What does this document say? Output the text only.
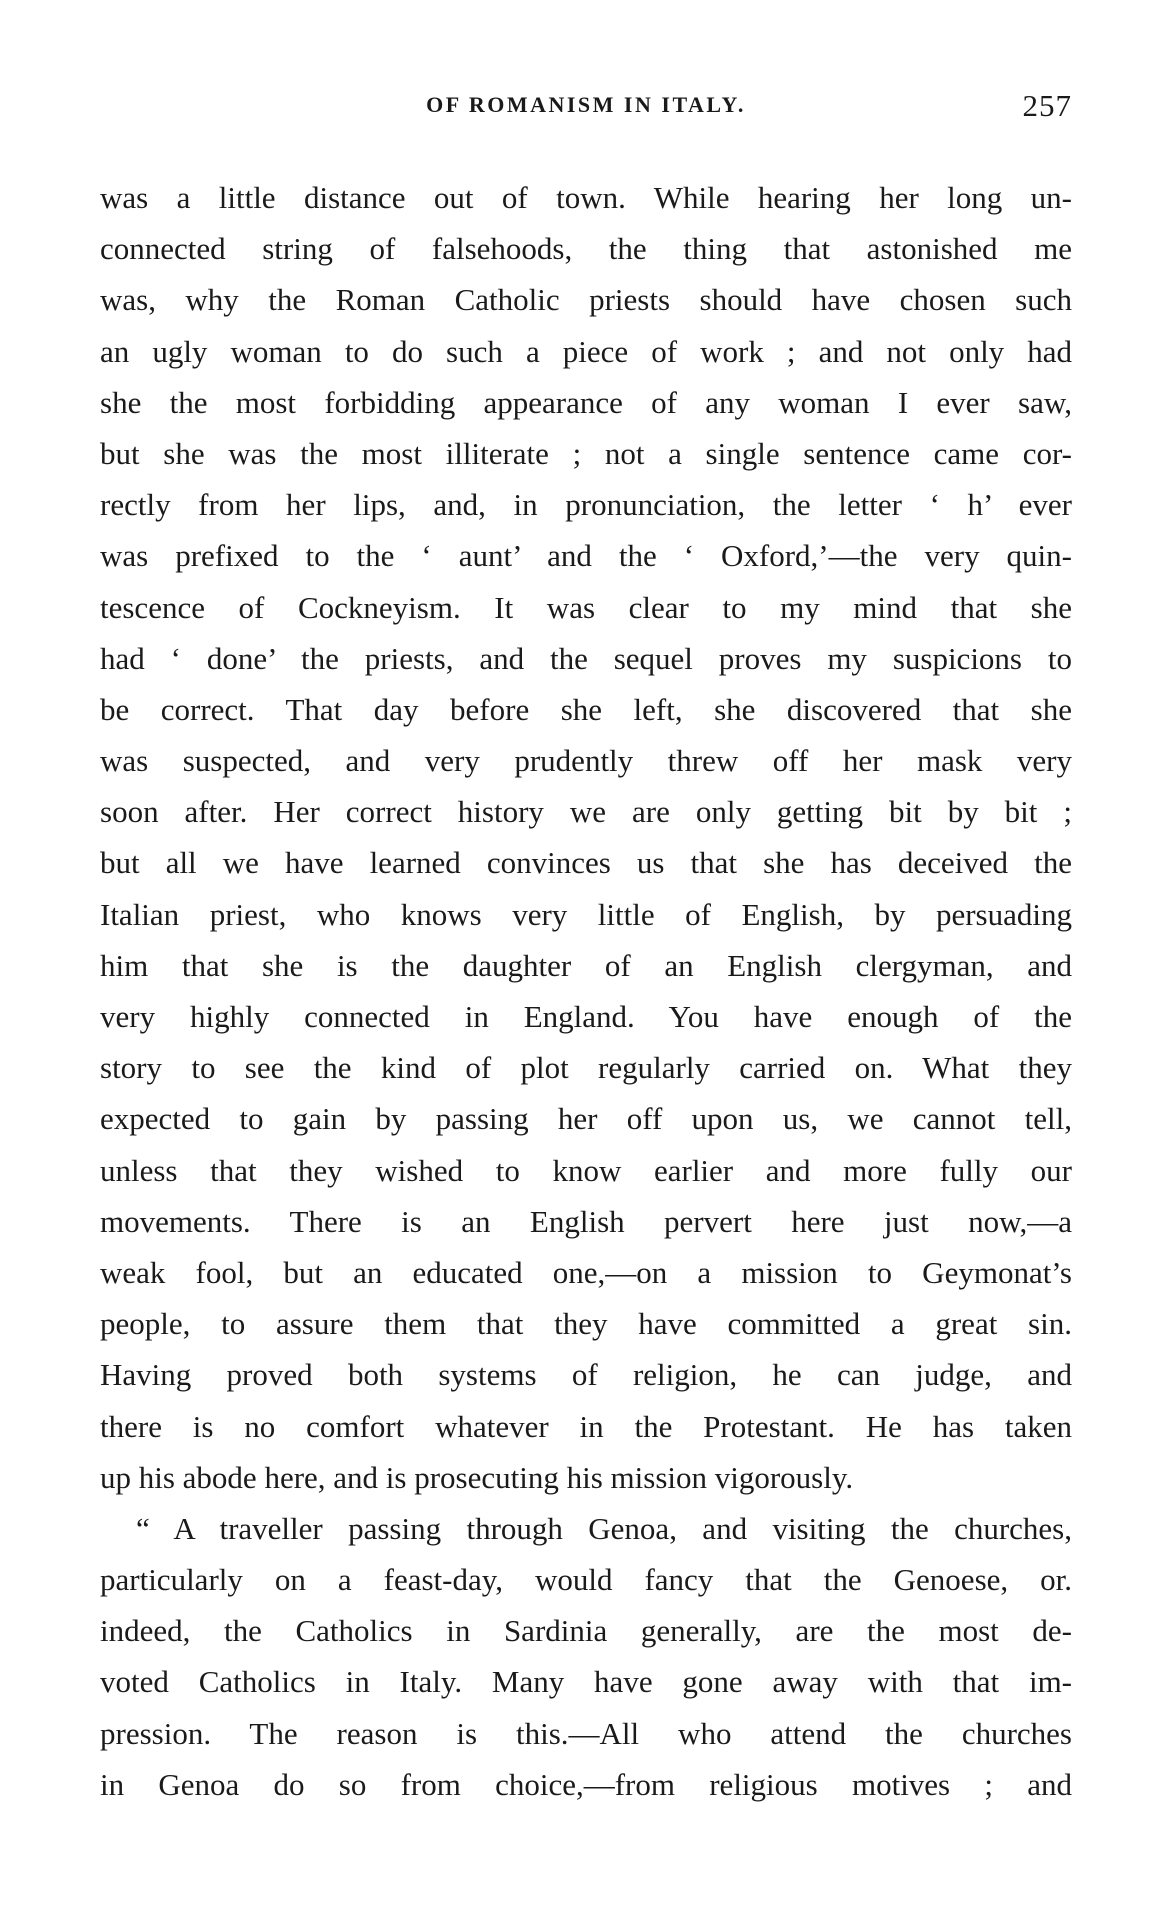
OF ROMANISM IN ITALY.	257
was a little distance out of town. While hearing her long un-
connected string of falsehoods, the thing that astonished me
was, why the Roman Catholic priests should have chosen such
an ugly woman to do such a piece of work ; and not only had
she the most forbidding appearance of any woman I ever saw,
but she was the most illiterate ; not a single sentence came cor-
rectly from her lips, and, in pronunciation, the letter ‘ h’ ever
was prefixed to the ‘ aunt’ and the ‘ Oxford,’—the very quin-
tescence of Cockneyism. It was clear to my mind that she
had ‘ done’ the priests, and the sequel proves my suspicions to
be correct. That day before she left, she discovered that she
was suspected, and very prudently threw off her mask very
soon after. Her correct history we are only getting bit by bit ;
but all we have learned convinces us that she has deceived the
Italian priest, who knows very little of English, by persuading
him that she is the daughter of an English clergyman, and
very highly connected in England. You have enough of the
story to see the kind of plot regularly carried on. What they
expected to gain by passing her off upon us, we cannot tell,
unless that they wished to know earlier and more fully our
movements. There is an English pervert here just now,—a
weak fool, but an educated one,—on a mission to Geymonat’s
people, to assure them that they have committed a great sin.
Having proved both systems of religion, he can judge, and
there is no comfort whatever in the Protestant. He has taken
up his abode here, and is prosecuting his mission vigorously.
“ A traveller passing through Genoa, and visiting the churches,
particularly on a feast-day, would fancy that the Genoese, or.
indeed, the Catholics in Sardinia generally, are the most de-
voted Catholics in Italy. Many have gone away with that im-
pression. The reason is this.—All who attend the churches
in Genoa do so from choice,—from religious motives ; and
